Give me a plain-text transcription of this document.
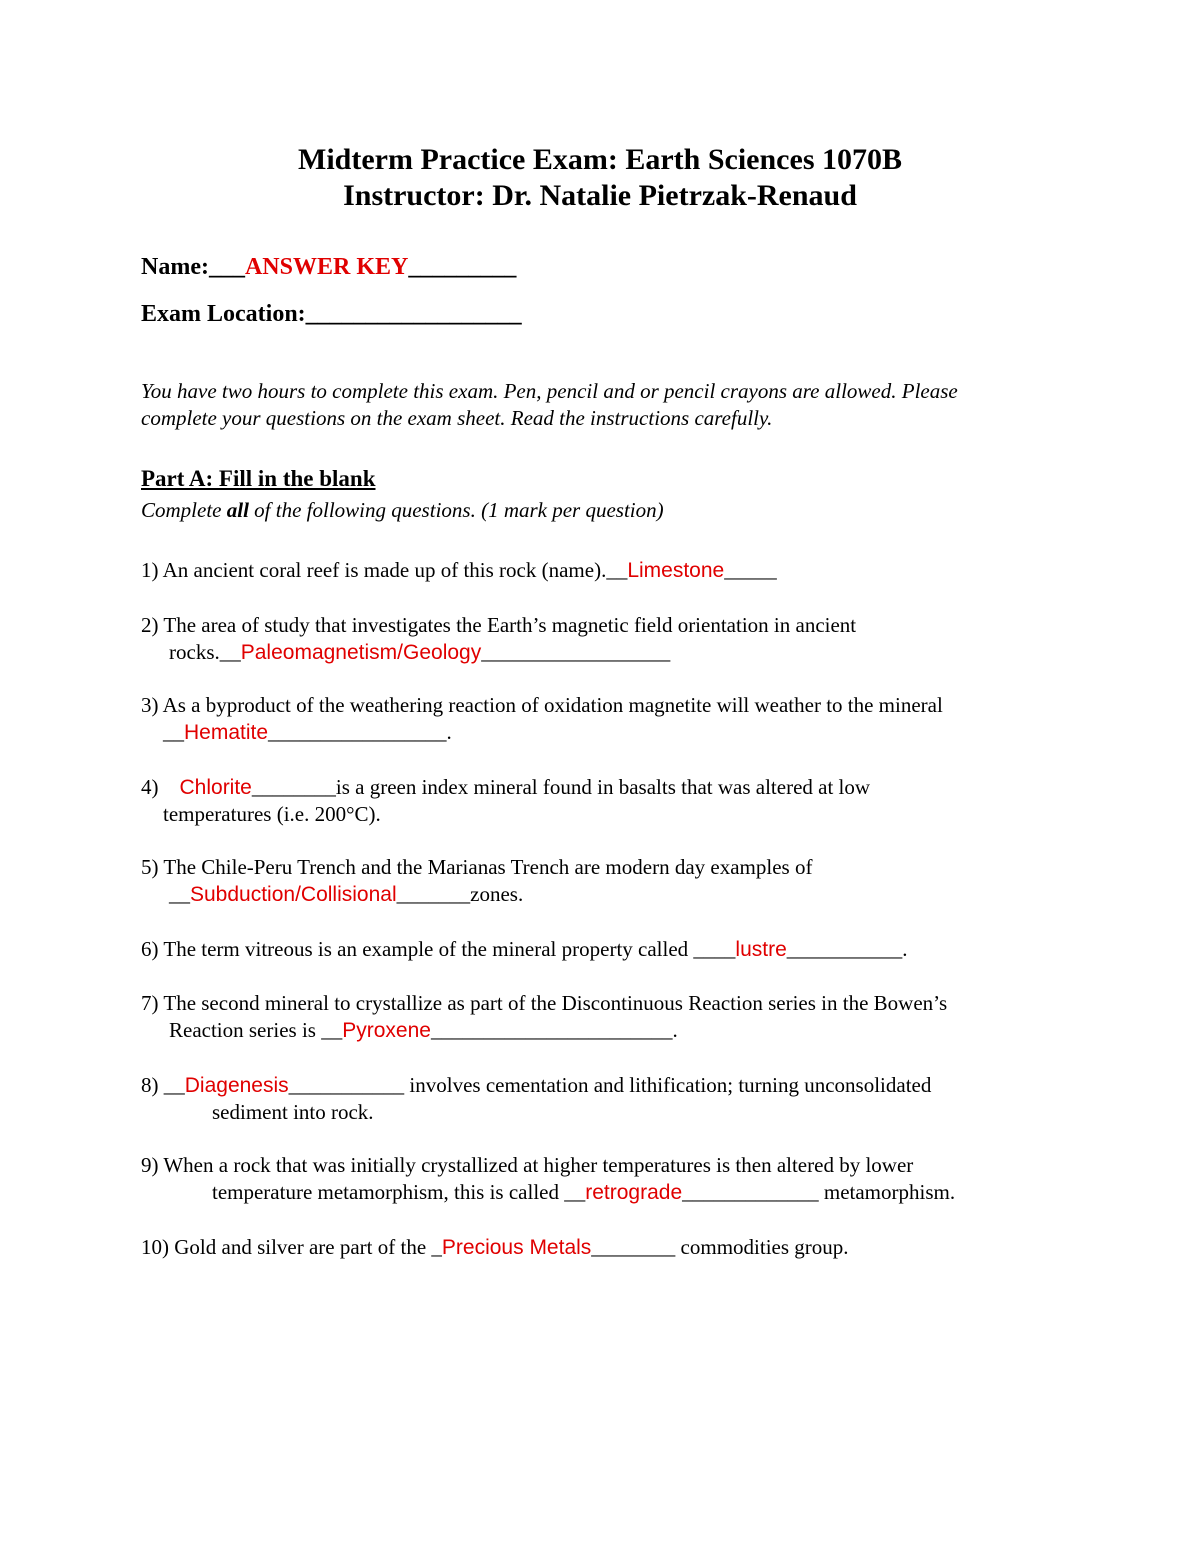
Midterm Practice Exam: Earth Sciences 1070B
Instructor: Dr. Natalie Pietrzak-Renaud
Name:___ANSWER KEY_________
Exam Location:__________________
You have two hours to complete this exam. Pen, pencil and or pencil crayons are allowed. Please
complete your questions on the exam sheet. Read the instructions carefully.
Part A: Fill in the blank
Complete all of the following questions. (1 mark per question)
1) An ancient coral reef is made up of this rock (name).__Limestone_____
2) The area of study that investigates the Earth’s magnetic field orientation in ancient
rocks.__Paleomagnetism/Geology__________________
3) As a byproduct of the weathering reaction of oxidation magnetite will weather to the mineral
__Hematite_________________.
4)    Chlorite________is a green index mineral found in basalts that was altered at low
temperatures (i.e. 200°C).
5) The Chile-Peru Trench and the Marianas Trench are modern day examples of
__Subduction/Collisional_______zones.
6) The term vitreous is an example of the mineral property called ____lustre___________.
7) The second mineral to crystallize as part of the Discontinuous Reaction series in the Bowen’s
Reaction series is __Pyroxene_______________________.
8) __Diagenesis___________ involves cementation and lithification; turning unconsolidated
sediment into rock.
9) When a rock that was initially crystallized at higher temperatures is then altered by lower
temperature metamorphism, this is called __retrograde_____________ metamorphism.
10) Gold and silver are part of the _Precious Metals________ commodities group.
